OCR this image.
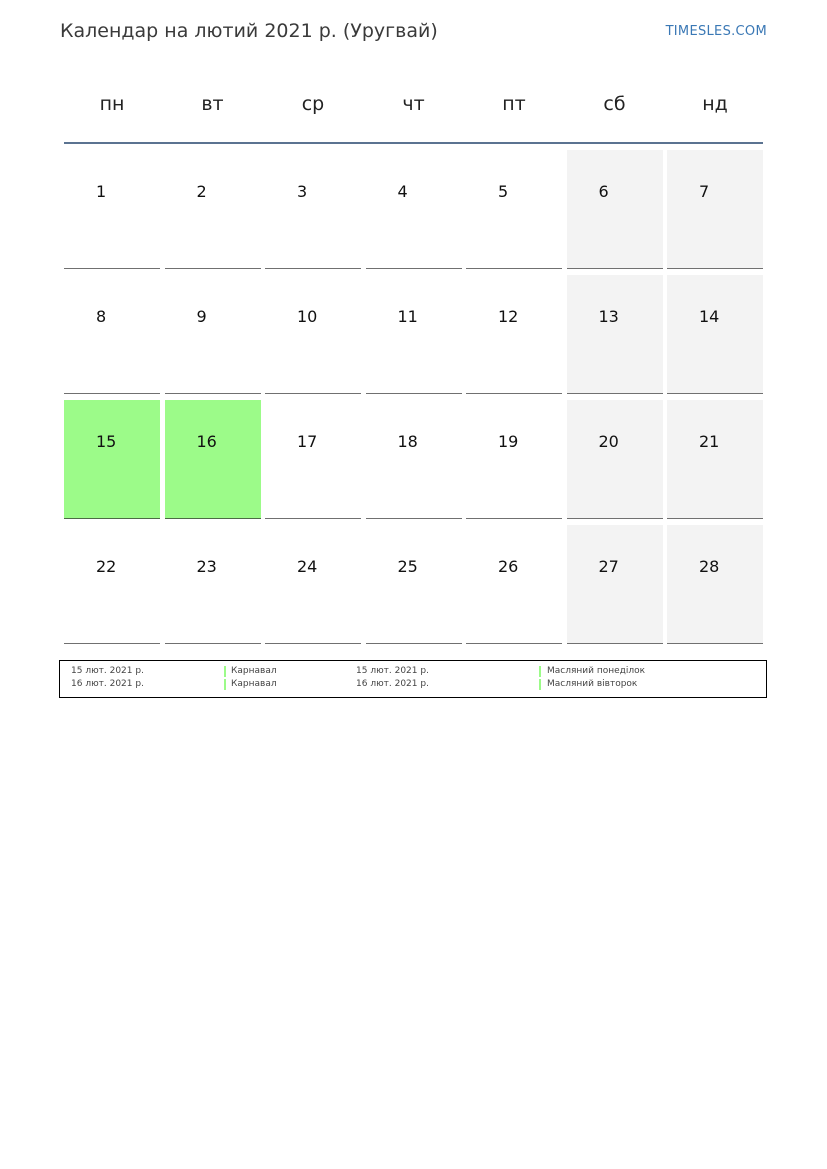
Календар на лютий 2021 р. (Уругвай)	TIMESLES.COM
пн	вт	ср	чт	пт	сб	нд
1	2	3	4	5	6	7
8	9	10	11	12	13	14
15	16	17	18	19	20	21
22	23	24	25	26	27	28
15 лют. 2021 р.	Карнавал	15 лют. 2021 р.	Масляний понеділок
16 лют. 2021 р.	Карнавал	16 лют. 2021 р.	Масляний вівторок
